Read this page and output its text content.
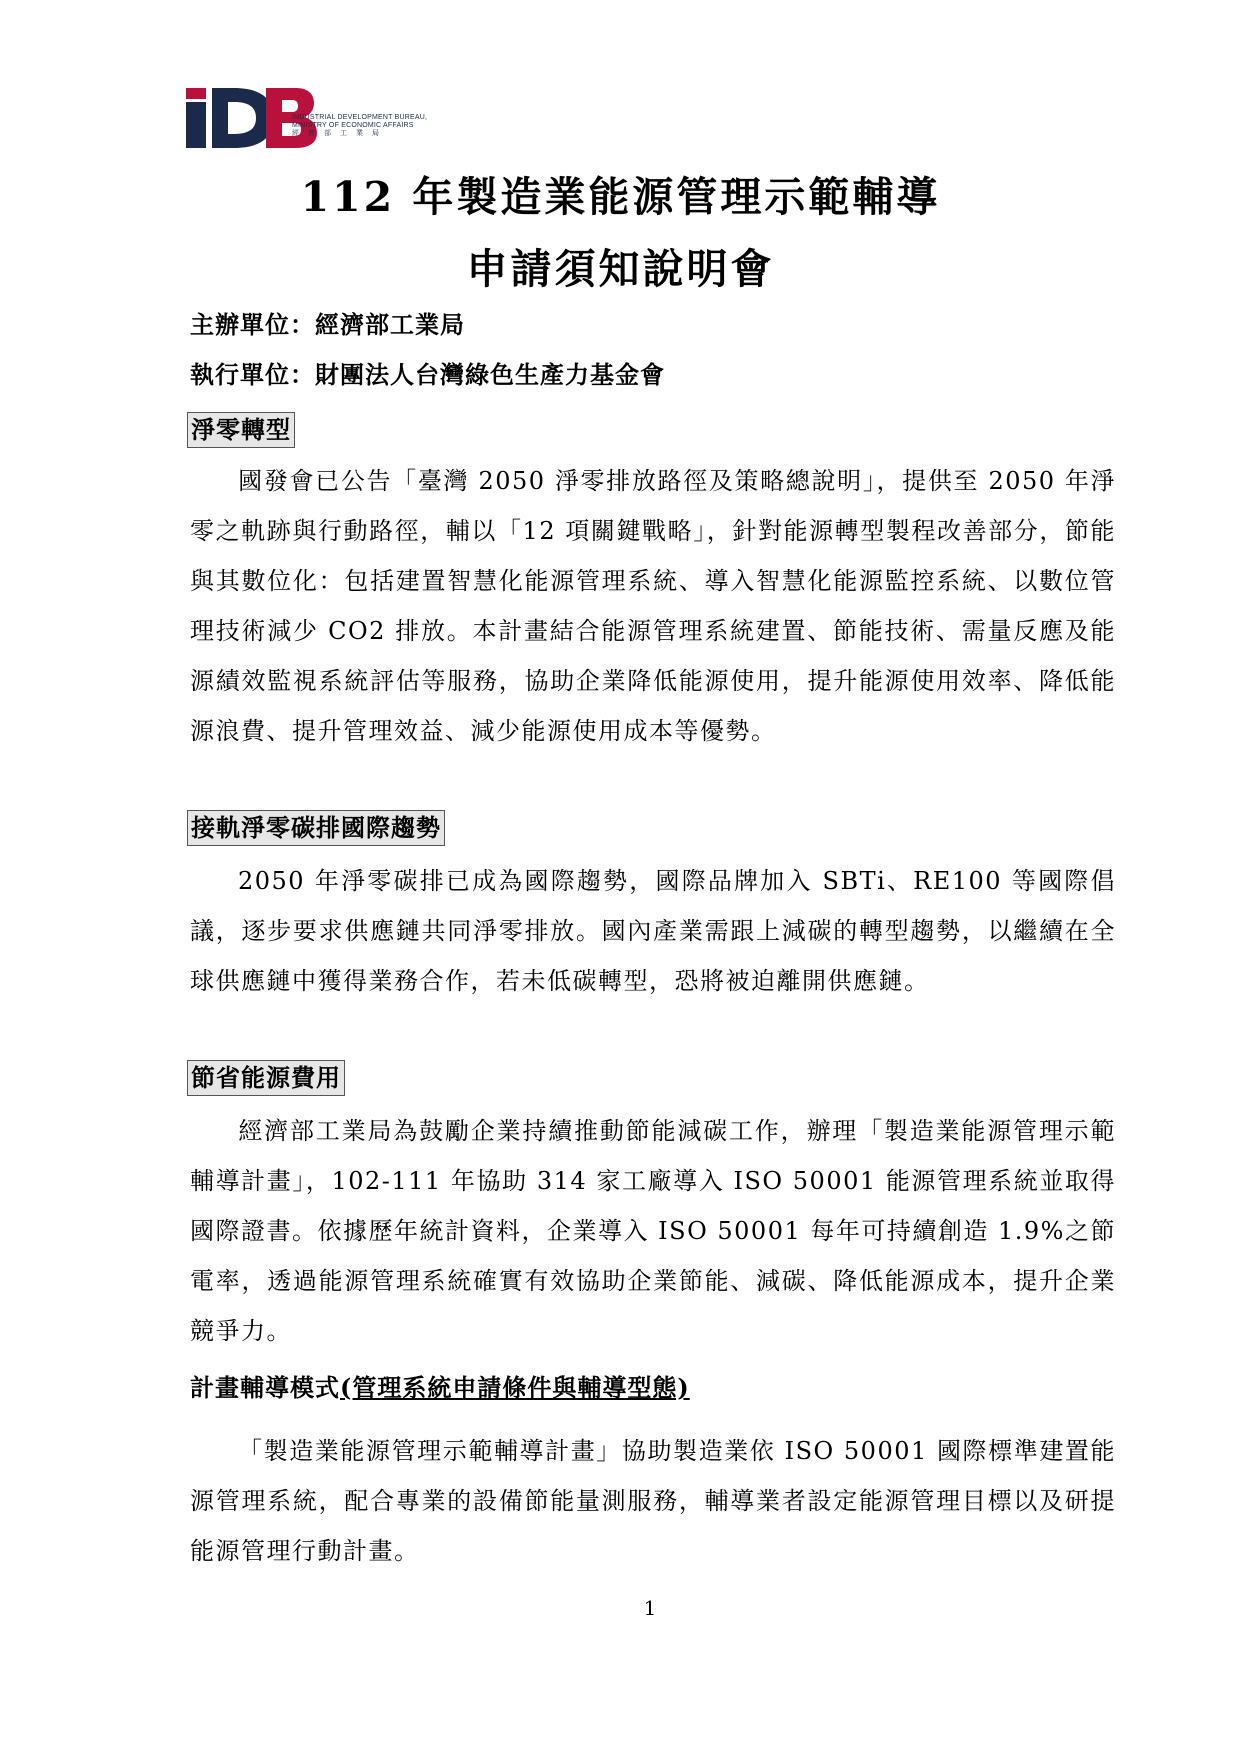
INDUSTRIAL DEVELOPMENT BUREAU,
MINISTRY OF ECONOMIC AFFAIRS
經濟部工業局
112 年製造業能源管理示範輔導
申請須知說明會
主辦單位：經濟部工業局
執行單位：財團法人台灣綠色生產力基金會
淨零轉型
國發會已公告「臺灣 2050 淨零排放路徑及策略總說明」，提供至 2050 年淨零之軌跡與行動路徑，輔以「12 項關鍵戰略」，針對能源轉型製程改善部分，節能與其數位化：包括建置智慧化能源管理系統、導入智慧化能源監控系統、以數位管理技術減少 CO2 排放。本計畫結合能源管理系統建置、節能技術、需量反應及能源績效監視系統評估等服務，協助企業降低能源使用，提升能源使用效率、降低能源浪費、提升管理效益、減少能源使用成本等優勢。
接軌淨零碳排國際趨勢
2050 年淨零碳排已成為國際趨勢，國際品牌加入 SBTi、RE100 等國際倡議，逐步要求供應鏈共同淨零排放。國內產業需跟上減碳的轉型趨勢，以繼續在全球供應鏈中獲得業務合作，若未低碳轉型，恐將被迫離開供應鏈。
節省能源費用
經濟部工業局為鼓勵企業持續推動節能減碳工作，辦理「製造業能源管理示範輔導計畫」，102-111 年協助 314 家工廠導入 ISO 50001 能源管理系統並取得國際證書。依據歷年統計資料，企業導入 ISO 50001 每年可持續創造 1.9%之節電率，透過能源管理系統確實有效協助企業節能、減碳、降低能源成本，提升企業競爭力。
計畫輔導模式(管理系統申請條件與輔導型態)
「製造業能源管理示範輔導計畫」協助製造業依 ISO 50001 國際標準建置能源管理系統，配合專業的設備節能量測服務，輔導業者設定能源管理目標以及研提能源管理行動計畫。
1
